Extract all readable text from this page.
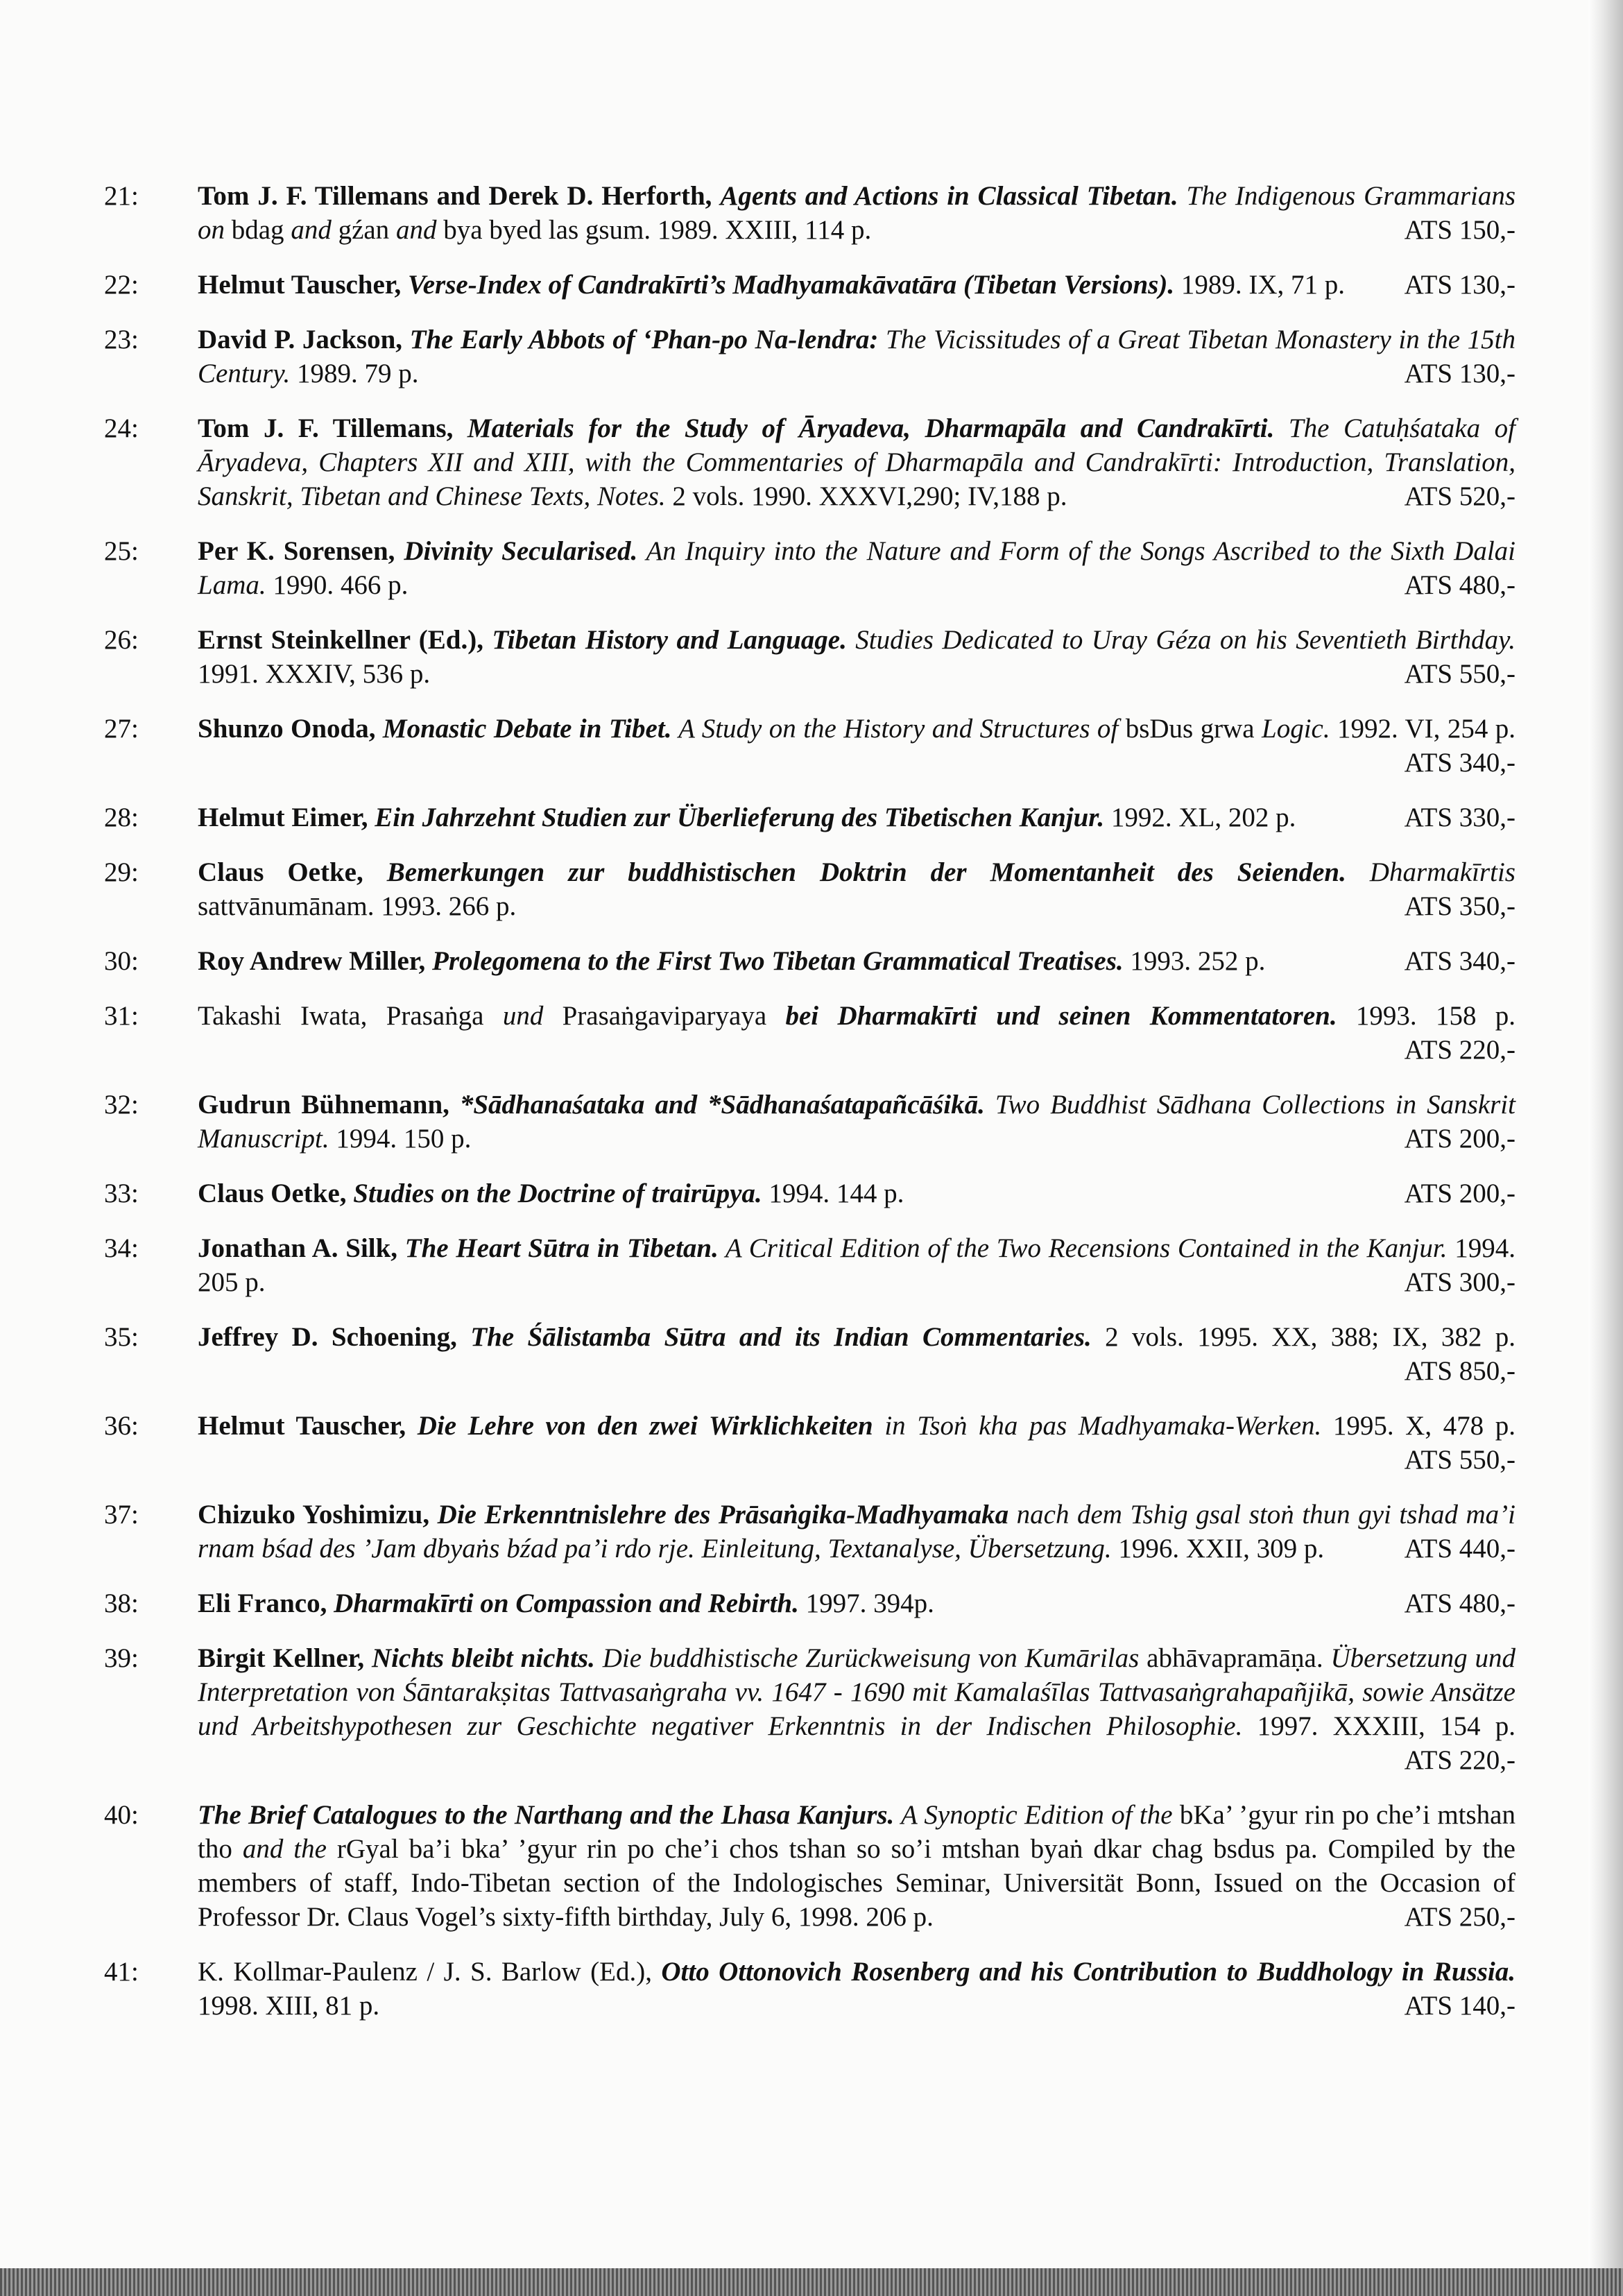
21:	Tom J. F. Tillemans and Derek D. Herforth, Agents and Actions in Classical Tibetan. The Indigenous Grammarians on bdag and gźan and bya byed las gsum. 1989. XXIII, 114 p.	ATS 150,-
22:	Helmut Tauscher, Verse-Index of Candrakīrti’s Madhyamakāvatāra (Tibetan Versions). 1989. IX, 71 p.	ATS 130,-
23:	David P. Jackson, The Early Abbots of ‘Phan-po Na-lendra: The Vicissitudes of a Great Tibetan Monastery in the 15th Century. 1989. 79 p.	ATS 130,-
24:	Tom J. F. Tillemans, Materials for the Study of Āryadeva, Dharmapāla and Candrakīrti. The Catuḥśataka of Āryadeva, Chapters XII and XIII, with the Commentaries of Dharmapāla and Candrakīrti: Introduction, Translation, Sanskrit, Tibetan and Chinese Texts, Notes. 2 vols. 1990. XXXVI,290; IV,188 p.	ATS 520,-
25:	Per K. Sorensen, Divinity Secularised. An Inquiry into the Nature and Form of the Songs Ascribed to the Sixth Dalai Lama. 1990. 466 p.	ATS 480,-
26:	Ernst Steinkellner (Ed.), Tibetan History and Language. Studies Dedicated to Uray Géza on his Seventieth Birthday. 1991. XXXIV, 536 p.	ATS 550,-
27:	Shunzo Onoda, Monastic Debate in Tibet. A Study on the History and Structures of bsDus grwa Logic. 1992. VI, 254 p.
ATS 340,-
28:	Helmut Eimer, Ein Jahrzehnt Studien zur Überlieferung des Tibetischen Kanjur. 1992. XL, 202 p.	ATS 330,-
29:	Claus Oetke, Bemerkungen zur buddhistischen Doktrin der Momentanheit des Seienden. Dharmakīrtis sattvānumānam. 1993. 266 p.	ATS 350,-
30:	Roy Andrew Miller, Prolegomena to the First Two Tibetan Grammatical Treatises. 1993. 252 p.	ATS 340,-
31:	Takashi Iwata, Prasaṅga und Prasaṅgaviparyaya bei Dharmakīrti und seinen Kommentatoren. 1993. 158 p.
ATS 220,-
32:	Gudrun Bühnemann, *Sādhanaśataka and *Sādhanaśatapañcāśikā. Two Buddhist Sādhana Collections in Sanskrit Manuscript. 1994. 150 p.	ATS 200,-
33:	Claus Oetke, Studies on the Doctrine of trairūpya. 1994. 144 p.	ATS 200,-
34:	Jonathan A. Silk, The Heart Sūtra in Tibetan. A Critical Edition of the Two Recensions Contained in the Kanjur. 1994. 205 p.	ATS 300,-
35:	Jeffrey D. Schoening, The Śālistamba Sūtra and its Indian Commentaries. 2 vols. 1995. XX, 388; IX, 382 p.
ATS 850,-
36:	Helmut Tauscher, Die Lehre von den zwei Wirklichkeiten in Tsoṅ kha pas Madhyamaka-Werken. 1995. X, 478 p.
ATS 550,-
37:	Chizuko Yoshimizu, Die Erkenntnislehre des Prāsaṅgika-Madhyamaka nach dem Tshig gsal stoṅ thun gyi tshad ma’i rnam bśad des ’Jam dbyaṅs bźad pa’i rdo rje. Einleitung, Textanalyse, Übersetzung. 1996. XXII, 309 p.	ATS 440,-
38:	Eli Franco, Dharmakīrti on Compassion and Rebirth. 1997. 394p.	ATS 480,-
39:	Birgit Kellner, Nichts bleibt nichts. Die buddhistische Zurückweisung von Kumārilas abhāvapramāṇa. Übersetzung und Interpretation von Śāntarakṣitas Tattvasaṅgraha vv. 1647 - 1690 mit Kamalaśīlas Tattvasaṅgrahapañjikā, sowie Ansätze und Arbeitshypothesen zur Geschichte negativer Erkenntnis in der Indischen Philosophie. 1997. XXXIII, 154 p.
ATS 220,-
40:	The Brief Catalogues to the Narthang and the Lhasa Kanjurs. A Synoptic Edition of the bKa’ ’gyur rin po che’i mtshan tho and the rGyal ba’i bka’ ’gyur rin po che’i chos tshan so so’i mtshan byaṅ dkar chag bsdus pa. Compiled by the members of staff, Indo-Tibetan section of the Indologisches Seminar, Universität Bonn, Issued on the Occasion of Professor Dr. Claus Vogel’s sixty-fifth birthday, July 6, 1998. 206 p.	ATS 250,-
41:	K. Kollmar-Paulenz / J. S. Barlow (Ed.), Otto Ottonovich Rosenberg and his Contribution to Buddhology in Russia. 1998. XIII, 81 p.	ATS 140,-
